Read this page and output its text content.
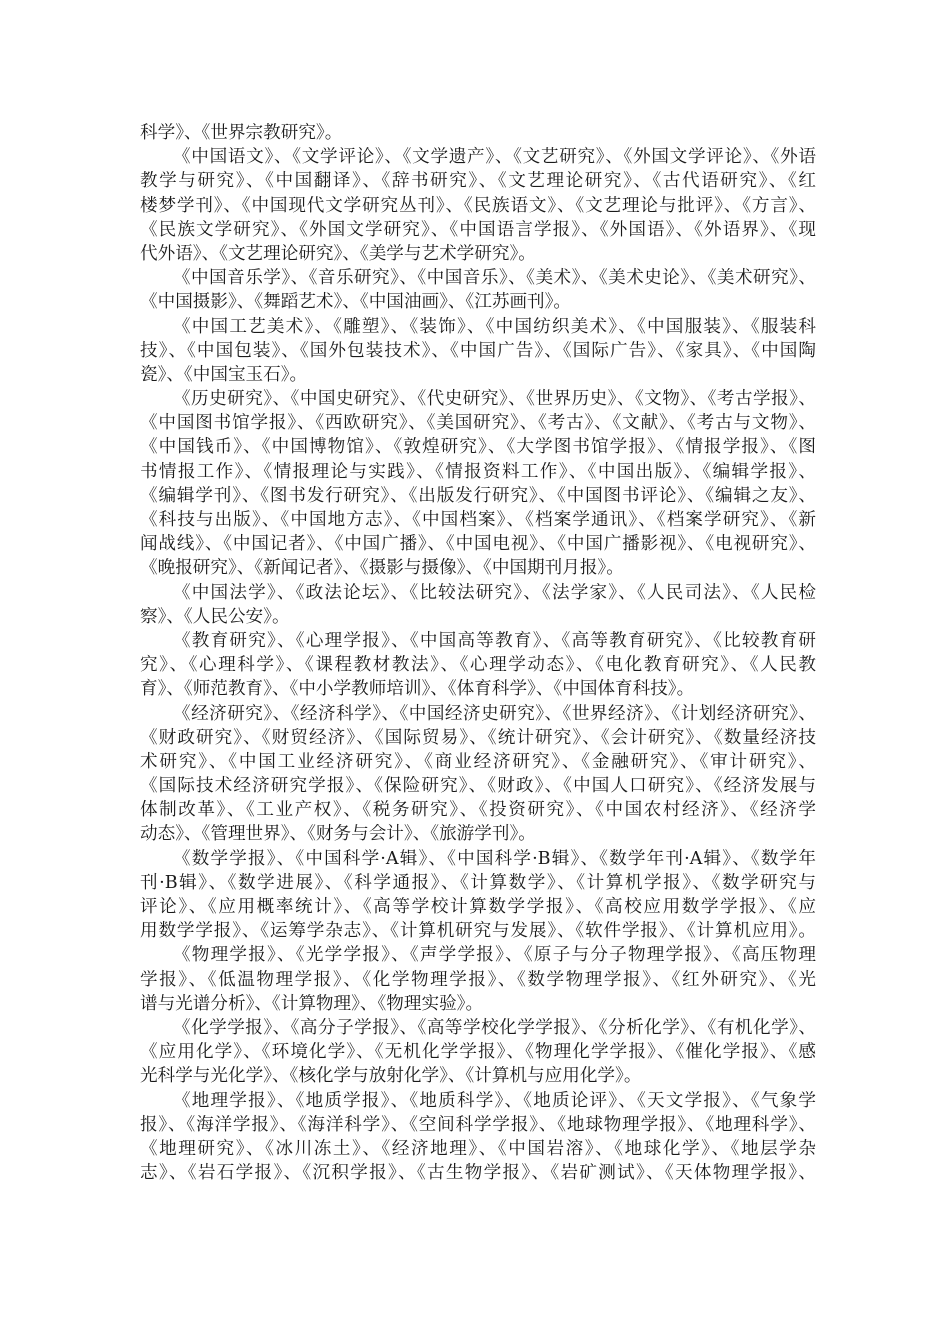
科学》、《世界宗教研究》。
《中国语文》、《文学评论》、《文学遗产》、《文艺研究》、《外国文学评论》、《外语
教学与研究》、《中国翻译》、《辞书研究》、《文艺理论研究》、《古代语研究》、《红
楼梦学刊》、《中国现代文学研究丛刊》、《民族语文》、《文艺理论与批评》、《方言》、
《民族文学研究》、《外国文学研究》、《中国语言学报》、《外国语》、《外语界》、《现
代外语》、《文艺理论研究》、《美学与艺术学研究》。
《中国音乐学》、《音乐研究》、《中国音乐》、《美术》、《美术史论》、《美术研究》、
《中国摄影》、《舞蹈艺术》、《中国油画》、《江苏画刊》。
《中国工艺美术》、《雕塑》、《装饰》、《中国纺织美术》、《中国服装》、《服装科
技》、《中国包装》、《国外包装技术》、《中国广告》、《国际广告》、《家具》、《中国陶
瓷》、《中国宝玉石》。
《历史研究》、《中国史研究》、《代史研究》、《世界历史》、《文物》、《考古学报》、
《中国图书馆学报》、《西欧研究》、《美国研究》、《考古》、《文献》、《考古与文物》、
《中国钱币》、《中国博物馆》、《敦煌研究》、《大学图书馆学报》、《情报学报》、《图
书情报工作》、《情报理论与实践》、《情报资料工作》、《中国出版》、《编辑学报》、
《编辑学刊》、《图书发行研究》、《出版发行研究》、《中国图书评论》、《编辑之友》、
《科技与出版》、《中国地方志》、《中国档案》、《档案学通讯》、《档案学研究》、《新
闻战线》、《中国记者》、《中国广播》、《中国电视》、《中国广播影视》、《电视研究》、
《晚报研究》、《新闻记者》、《摄影与摄像》、《中国期刊月报》。
《中国法学》、《政法论坛》、《比较法研究》、《法学家》、《人民司法》、《人民检
察》、《人民公安》。
《教育研究》、《心理学报》、《中国高等教育》、《高等教育研究》、《比较教育研
究》、《心理科学》、《课程教材教法》、《心理学动态》、《电化教育研究》、《人民教
育》、《师范教育》、《中小学教师培训》、《体育科学》、《中国体育科技》。
《经济研究》、《经济科学》、《中国经济史研究》、《世界经济》、《计划经济研究》、
《财政研究》、《财贸经济》、《国际贸易》、《统计研究》、《会计研究》、《数量经济技
术研究》、《中国工业经济研究》、《商业经济研究》、《金融研究》、《审计研究》、
《国际技术经济研究学报》、《保险研究》、《财政》、《中国人口研究》、《经济发展与
体制改革》、《工业产权》、《税务研究》、《投资研究》、《中国农村经济》、《经济学
动态》、《管理世界》、《财务与会计》、《旅游学刊》。
《数学学报》、《中国科学·A辑》、《中国科学·B辑》、《数学年刊·A辑》、《数学年
刊·B辑》、《数学进展》、《科学通报》、《计算数学》、《计算机学报》、《数学研究与
评论》、《应用概率统计》、《高等学校计算数学学报》、《高校应用数学学报》、《应
用数学学报》、《运筹学杂志》、《计算机研究与发展》、《软件学报》、《计算机应用》。
《物理学报》、《光学学报》、《声学学报》、《原子与分子物理学报》、《高压物理
学报》、《低温物理学报》、《化学物理学报》、《数学物理学报》、《红外研究》、《光
谱与光谱分析》、《计算物理》、《物理实验》。
《化学学报》、《高分子学报》、《高等学校化学学报》、《分析化学》、《有机化学》、
《应用化学》、《环境化学》、《无机化学学报》、《物理化学学报》、《催化学报》、《感
光科学与光化学》、《核化学与放射化学》、《计算机与应用化学》。
《地理学报》、《地质学报》、《地质科学》、《地质论评》、《天文学报》、《气象学
报》、《海洋学报》、《海洋科学》、《空间科学学报》、《地球物理学报》、《地理科学》、
《地理研究》、《冰川冻土》、《经济地理》、《中国岩溶》、《地球化学》、《地层学杂
志》、《岩石学报》、《沉积学报》、《古生物学报》、《岩矿测试》、《天体物理学报》、
